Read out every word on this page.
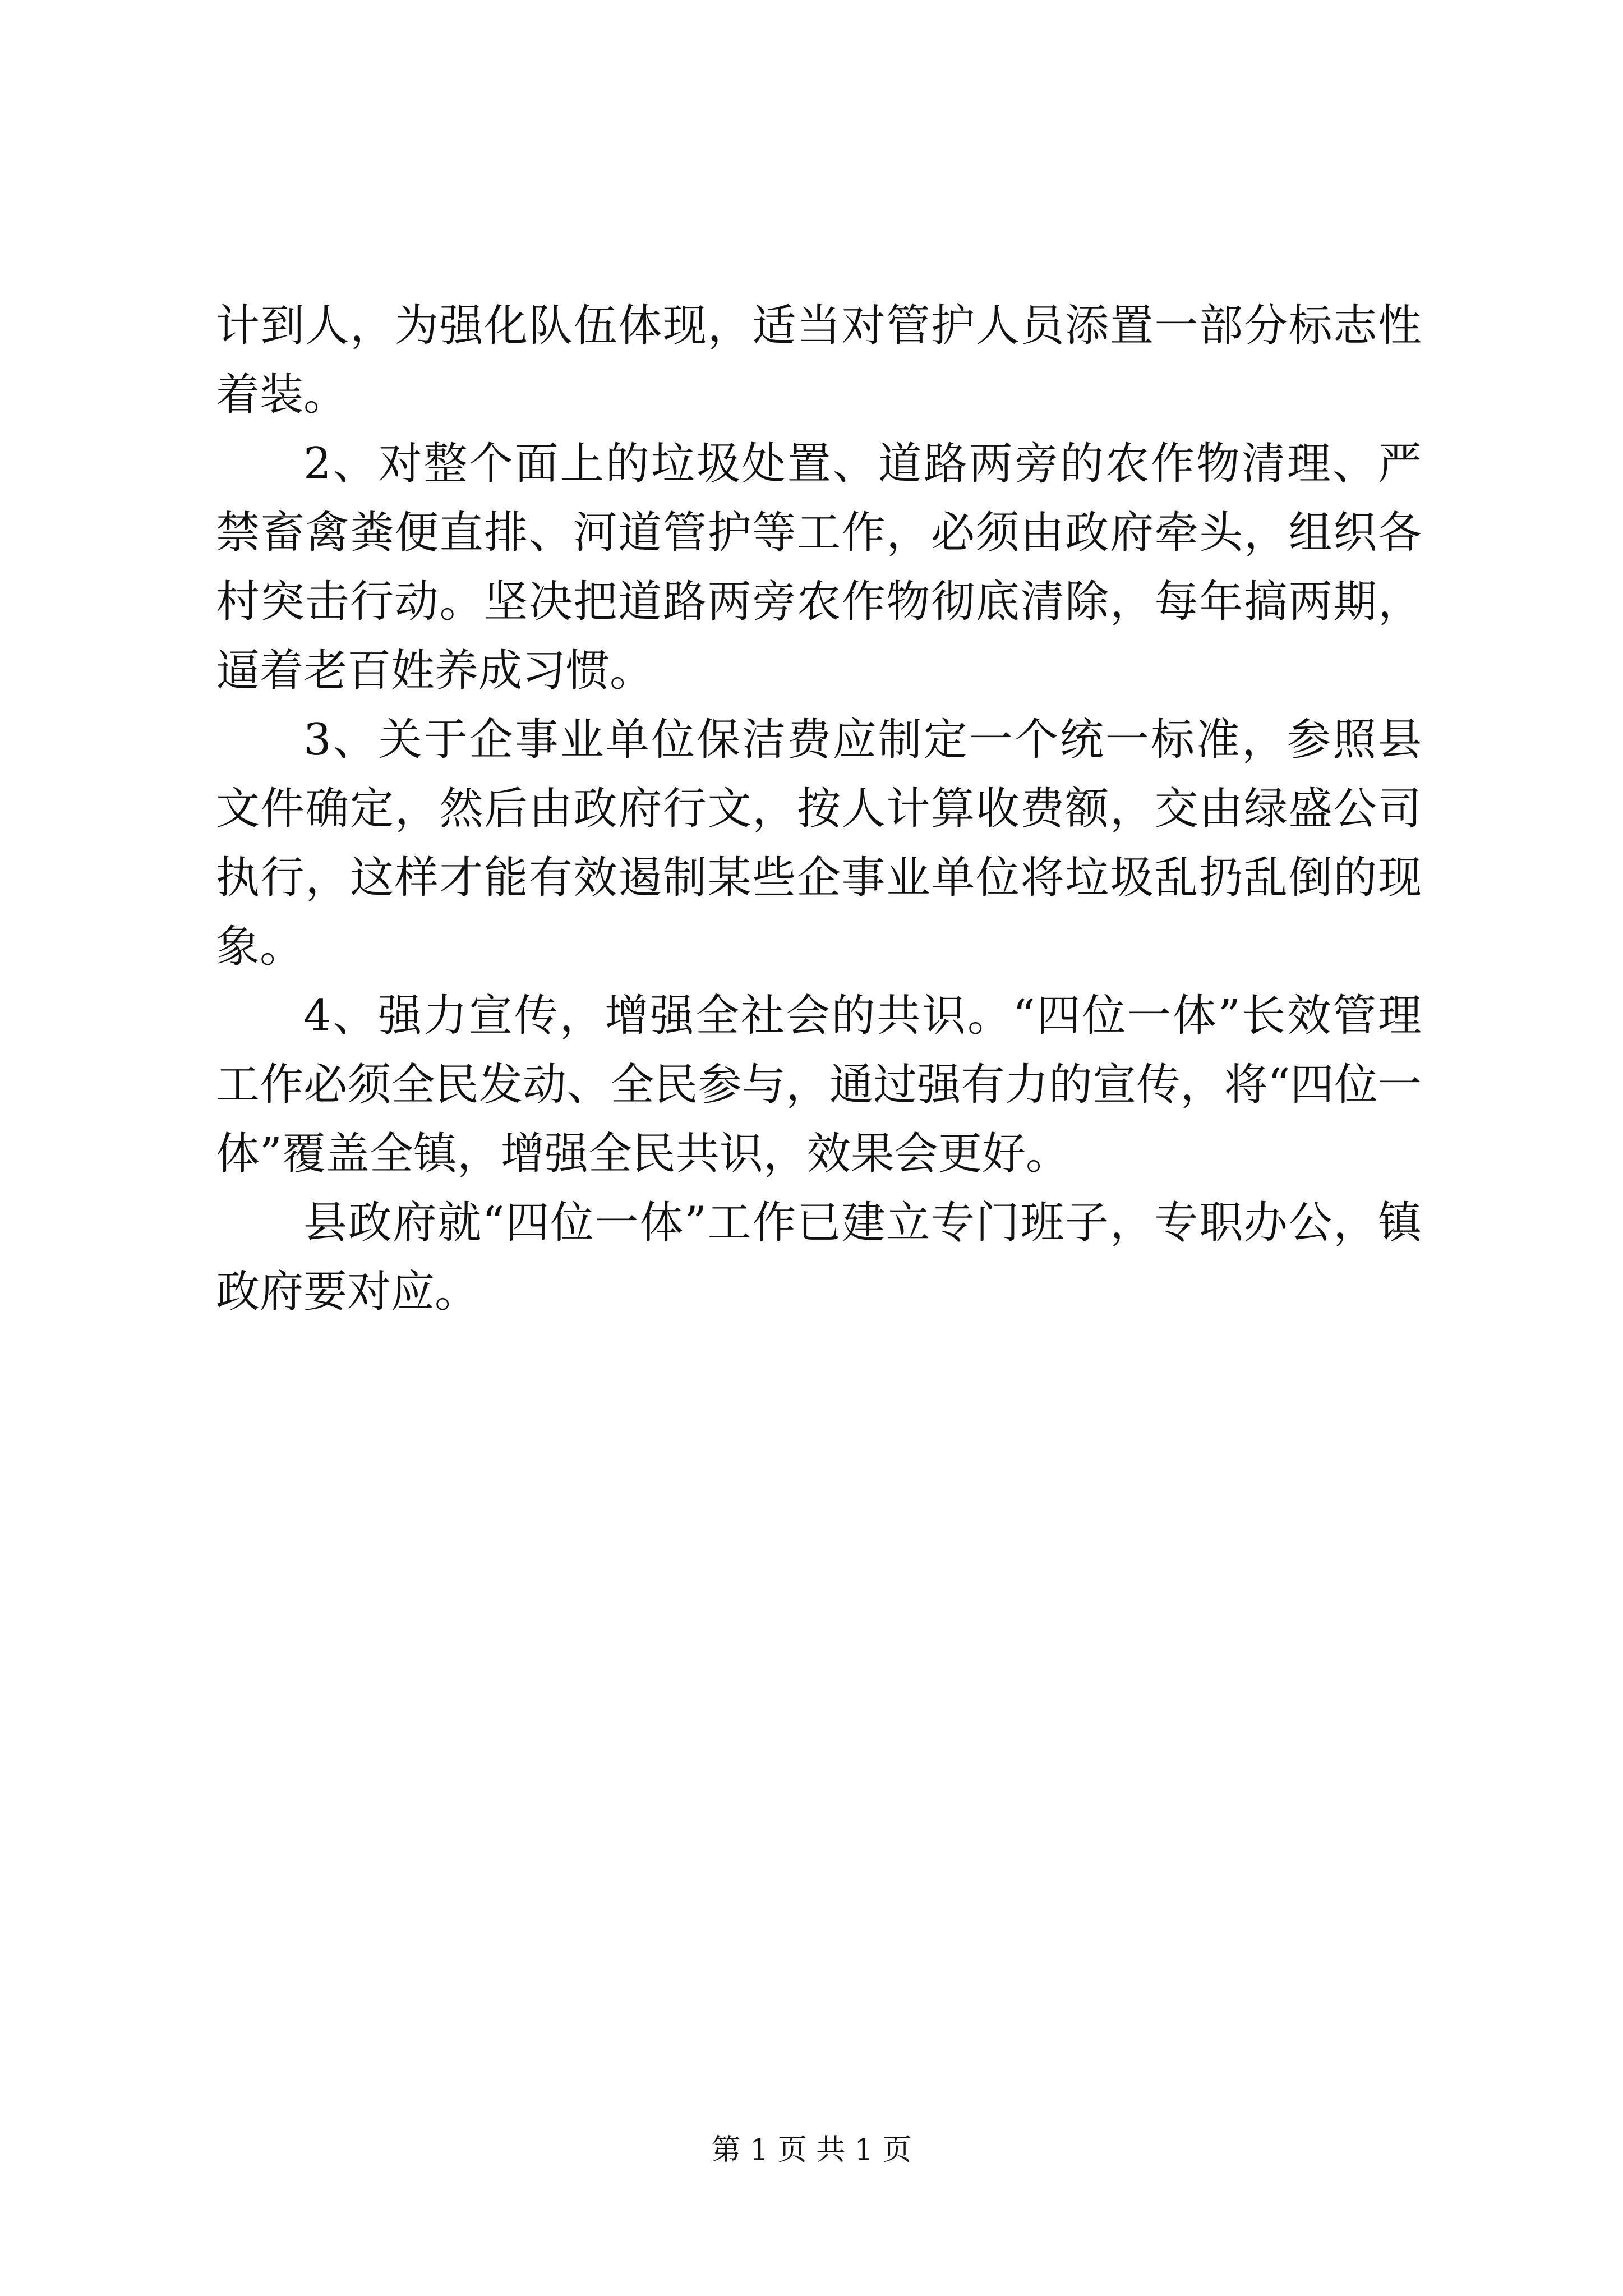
计到人，为强化队伍体现，适当对管护人员添置一部分标志性着装。

2、对整个面上的垃圾处置、道路两旁的农作物清理、严禁畜禽粪便直排、河道管护等工作，必须由政府牵头，组织各村突击行动。坚决把道路两旁农作物彻底清除，每年搞两期，逼着老百姓养成习惯。

3、关于企事业单位保洁费应制定一个统一标准，参照县文件确定，然后由政府行文，按人计算收费额，交由绿盛公司执行，这样才能有效遏制某些企事业单位将垃圾乱扔乱倒的现象。

4、强力宣传，增强全社会的共识。“四位一体”长效管理工作必须全民发动、全民参与，通过强有力的宣传，将“四位一体”覆盖全镇，增强全民共识，效果会更好。

县政府就“四位一体”工作已建立专门班子，专职办公，镇政府要对应。

第 1 页 共 1 页
